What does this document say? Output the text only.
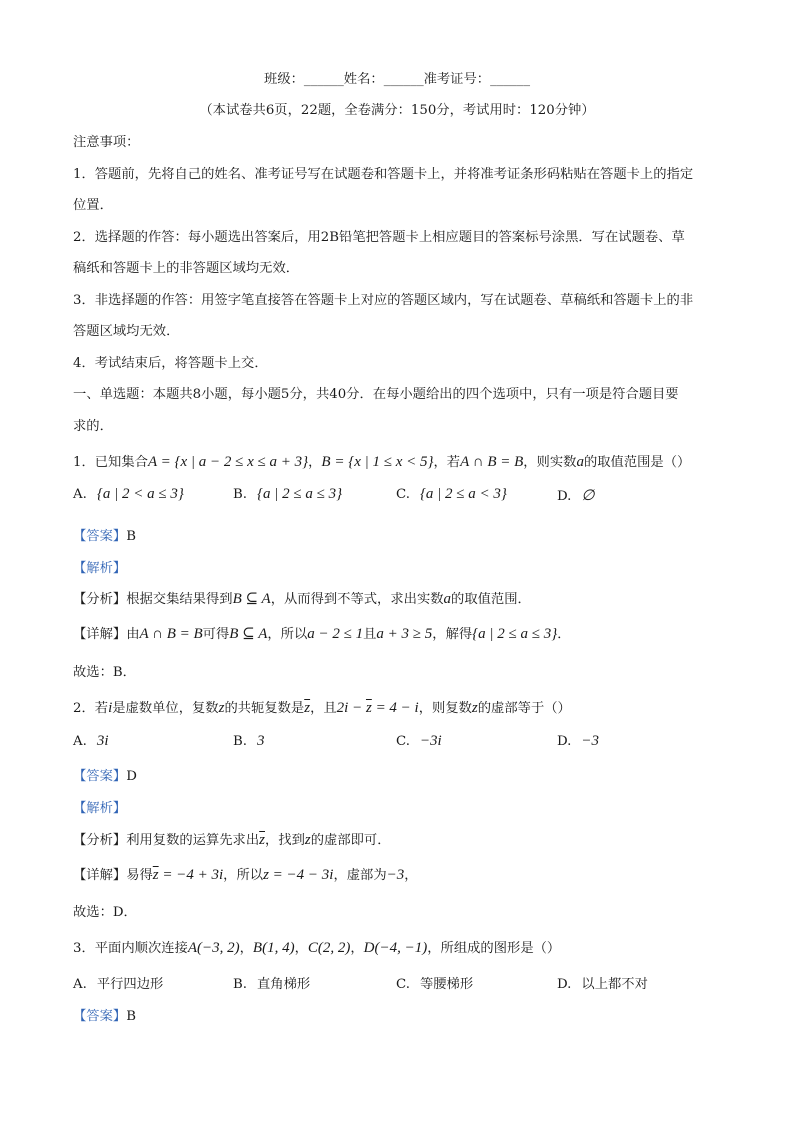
班级：______姓名：______准考证号：______
（本试卷共6页，22题，全卷满分：150分，考试用时：120分钟）
注意事项：
1．答题前，先将自己的姓名、准考证号写在试题卷和答题卡上，并将准考证条形码粘贴在答题卡上的指定
位置．
2．选择题的作答：每小题选出答案后，用2B铅笔把答题卡上相应题目的答案标号涂黑．写在试题卷、草
稿纸和答题卡上的非答题区域均无效．
3．非选择题的作答：用签字笔直接答在答题卡上对应的答题区域内，写在试题卷、草稿纸和答题卡上的非
答题区域均无效．
4．考试结束后，将答题卡上交．
一、单选题：本题共8小题，每小题5分，共40分．在每小题给出的四个选项中，只有一项是符合题目要
求的．
1．已知集合A = {x | a − 2 ≤ x ≤ a + 3}，B = {x | 1 ≤ x < 5}，若A ∩ B = B，则实数a的取值范围是（）
A. {a | 2 < a ≤ 3}	B. {a | 2 ≤ a ≤ 3}	C. {a | 2 ≤ a < 3}	D. ∅
【答案】B
【解析】
【分析】根据交集结果得到B ⊆ A，从而得到不等式，求出实数a的取值范围．
【详解】由A ∩ B = B可得B ⊆ A，所以a − 2 ≤ 1且a + 3 ≥ 5，解得{a | 2 ≤ a ≤ 3}．
故选：B．
2．若i是虚数单位，复数z的共轭复数是$\overline{z}$，且$2i - \overline{z} = 4 - i$，则复数z的虚部等于（）
A. 3i	B. 3	C. −3i	D. −3
【答案】D
【解析】
【分析】利用复数的运算先求出$\overline{z}$，找到z的虚部即可．
【详解】易得$\overline{z} = -4 + 3i$，所以z = −4 − 3i，虚部为−3，
故选：D．
3．平面内顺次连接A(−3, 2)，B(1, 4)，C(2, 2)，D(−4, −1)，所组成的图形是（）
A. 平行四边形	B. 直角梯形	C. 等腰梯形	D. 以上都不对
【答案】B
